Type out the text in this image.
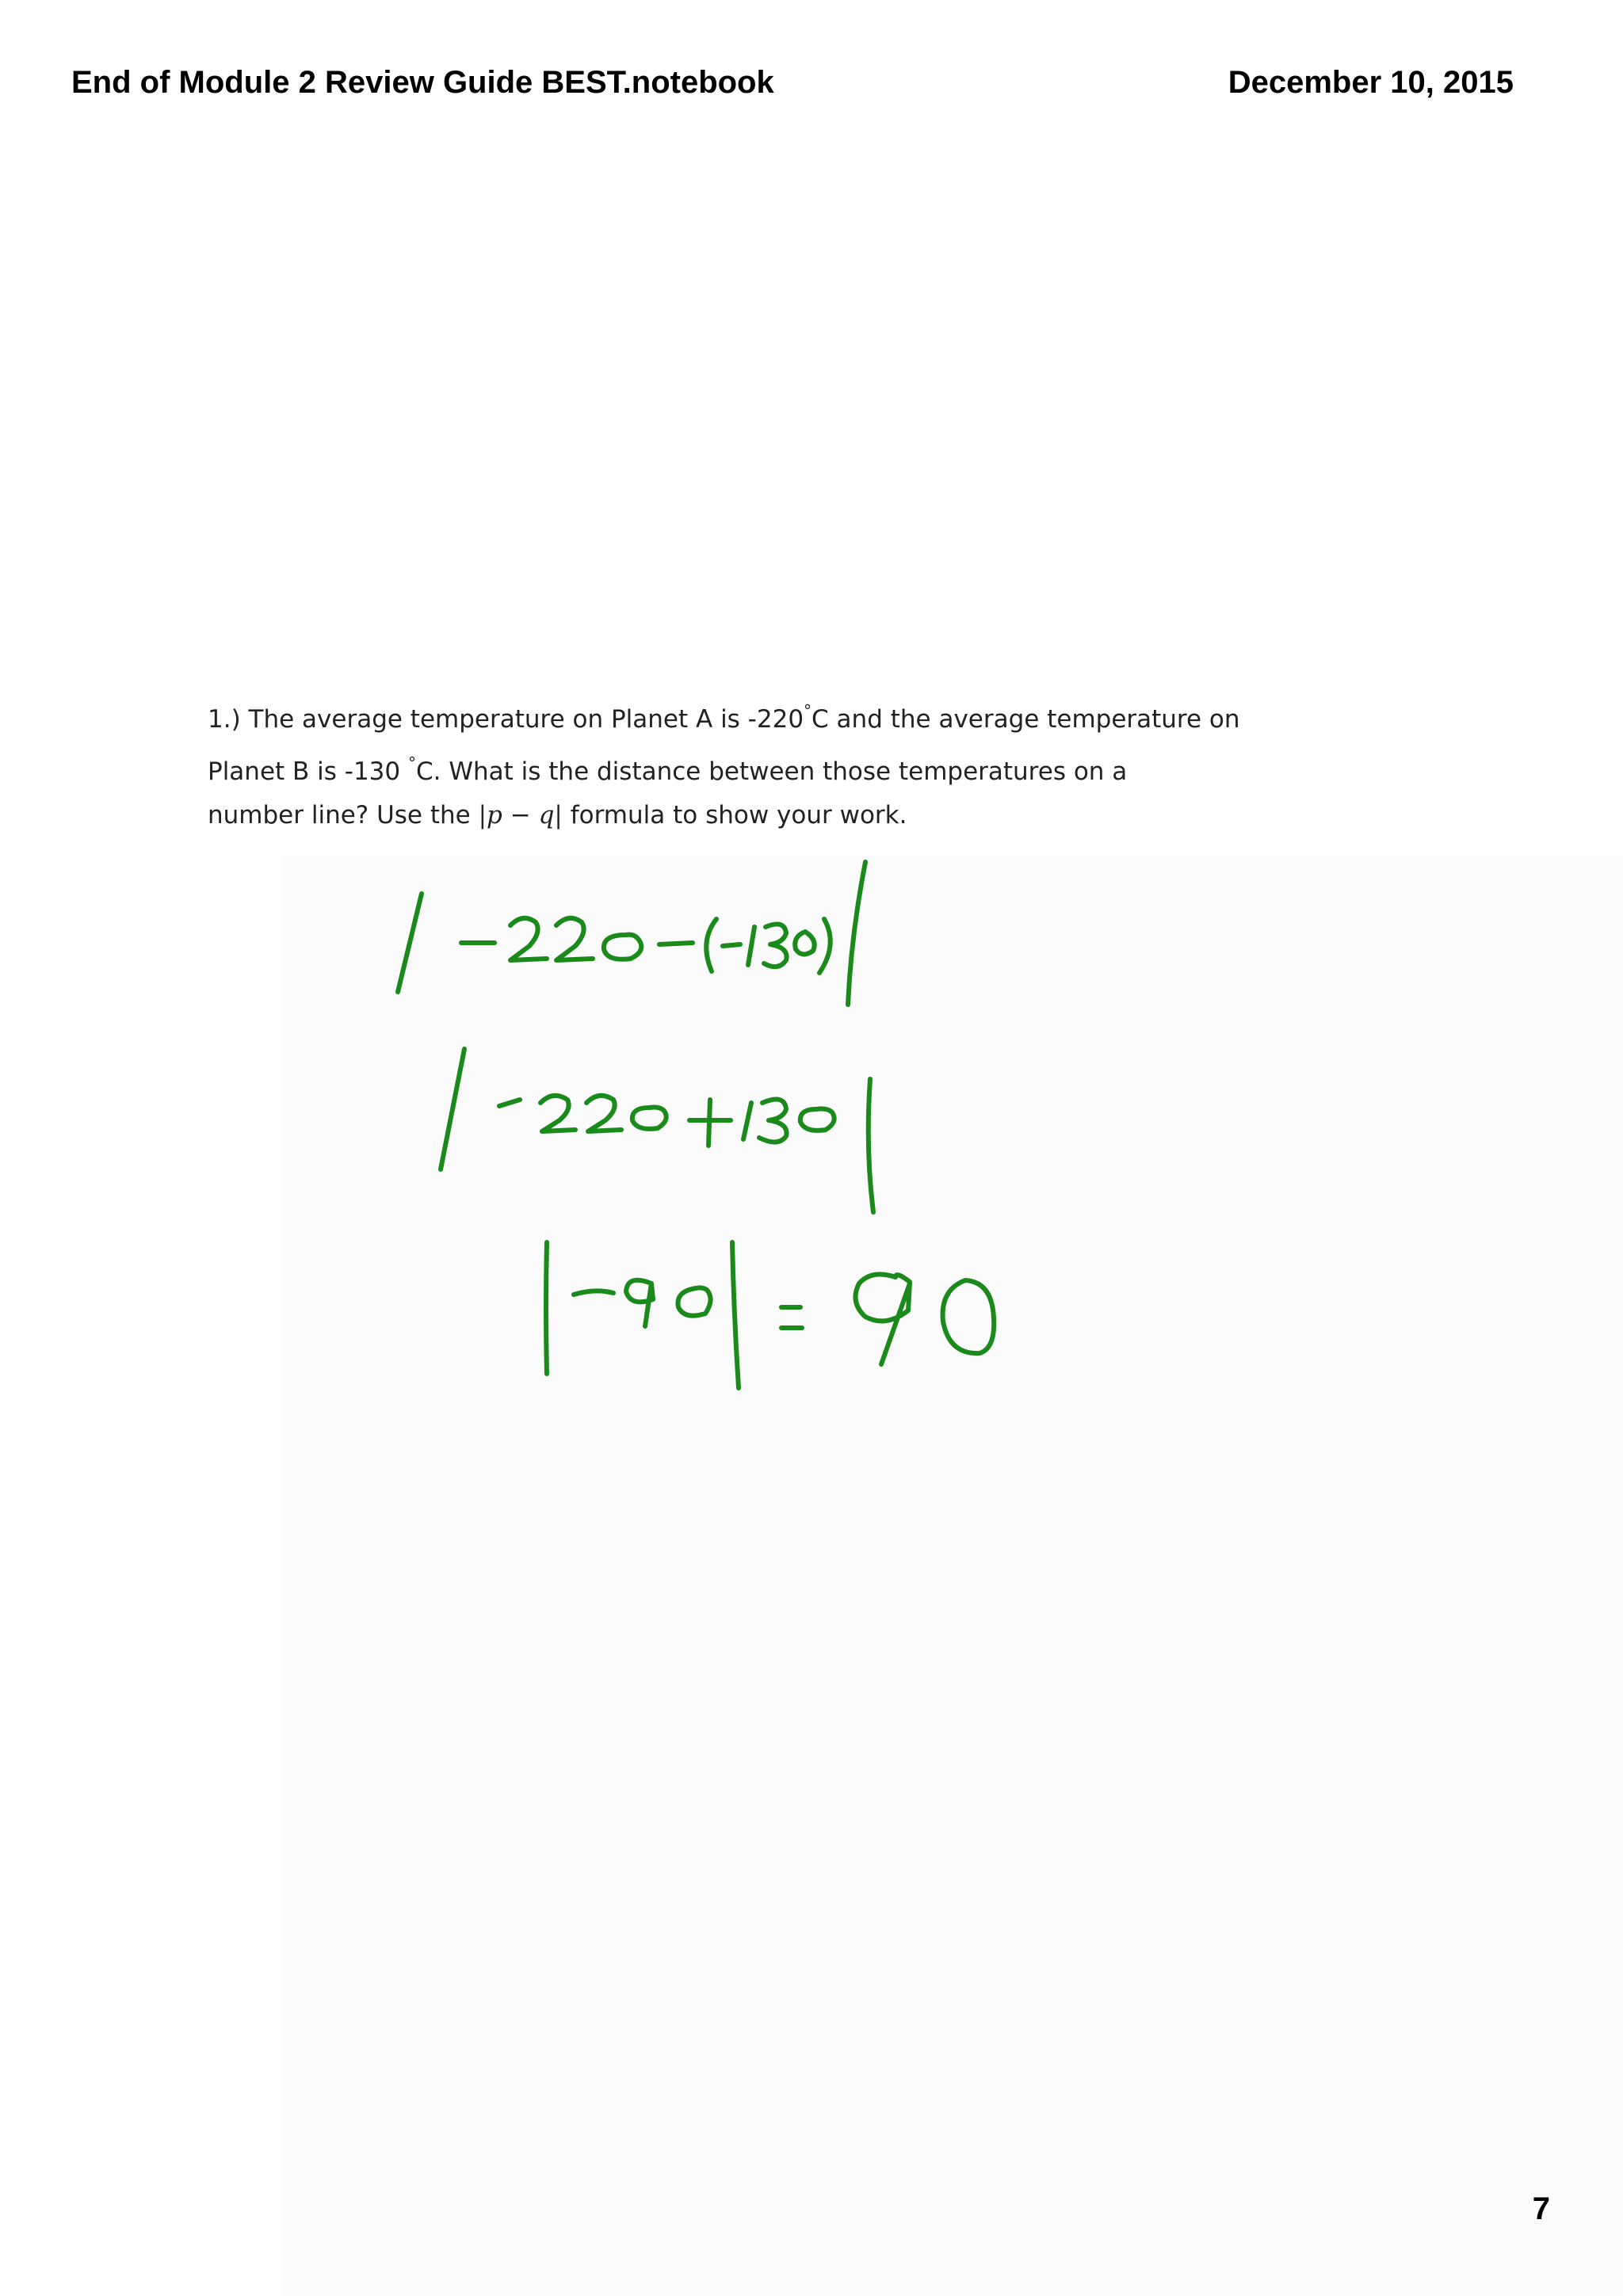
End of Module 2 Review Guide BEST.notebook	December 10, 2015
1.) The average temperature on Planet A is -220°C and the average temperature on
Planet B is -130 °C. What is the distance between those temperatures on a
number line? Use the |p − q| formula to show your work.
7
